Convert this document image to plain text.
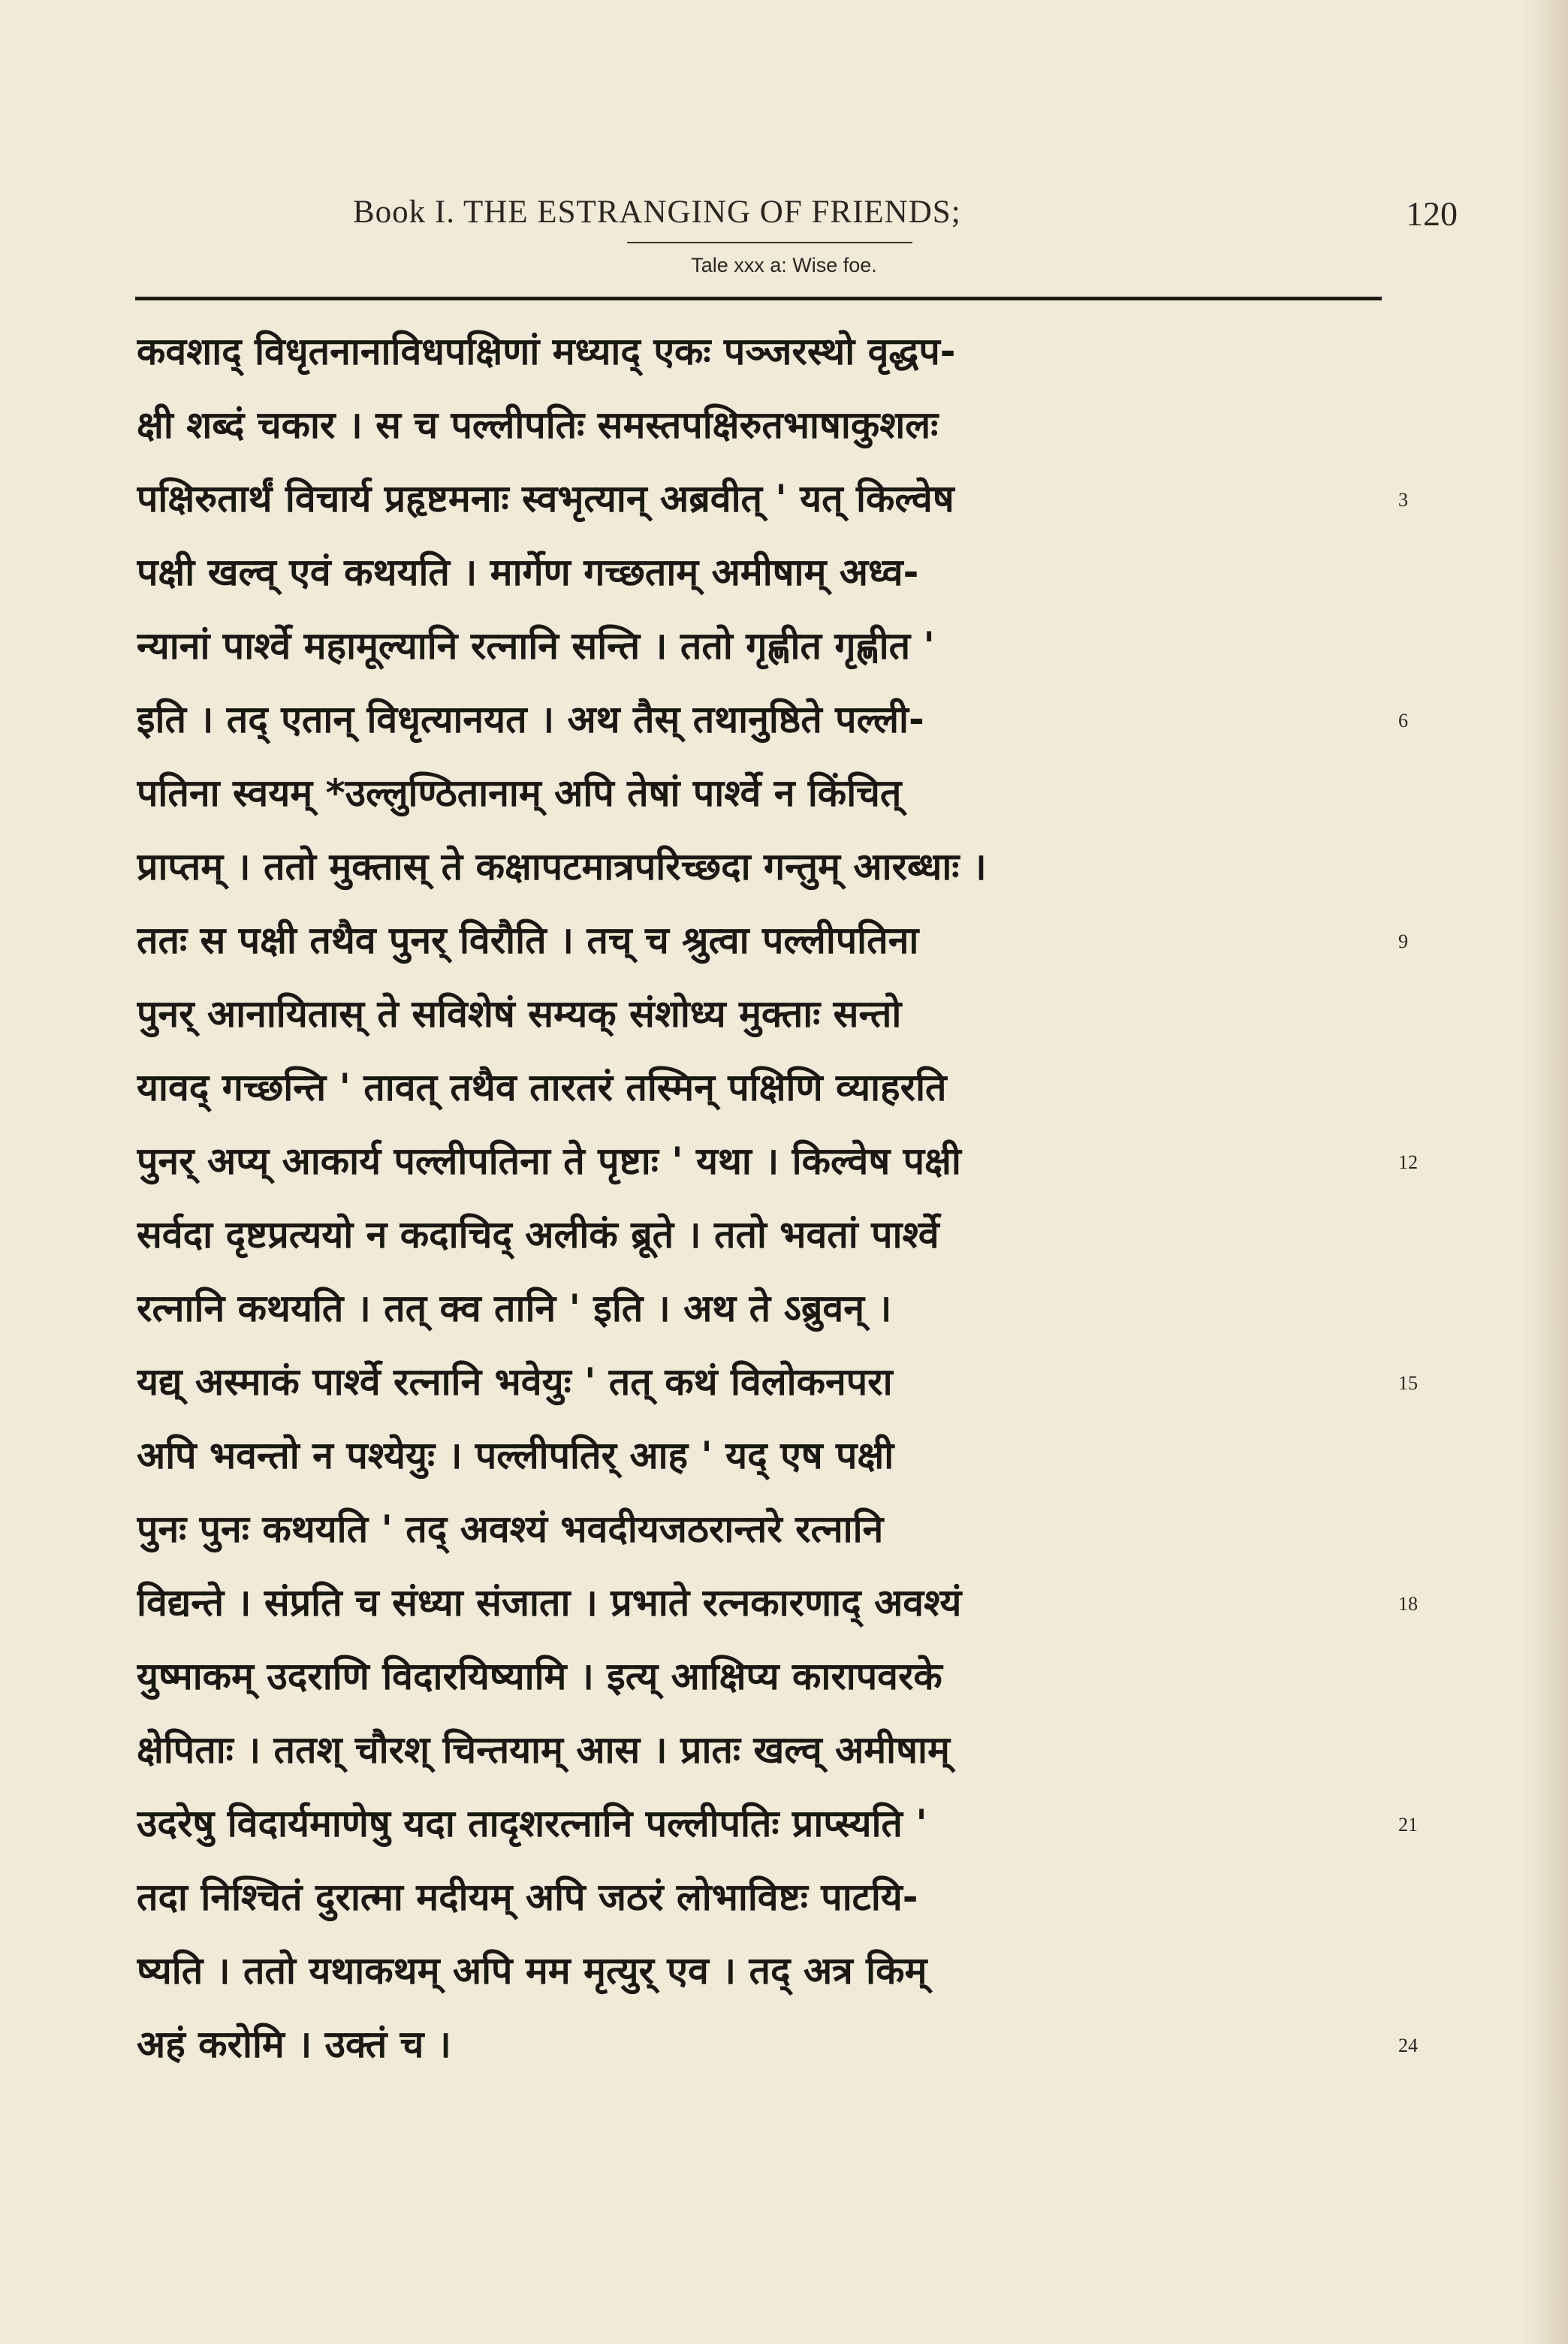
Book I. THE ESTRANGING OF FRIENDS;	120
Tale xxx a: Wise foe.
कवशाद् विधृतनानाविधपक्षिणां मध्याद् एकः पञ्जरस्थो वृद्धप-
क्षी शब्दं चकार । स च पल्लीपतिः समस्तपक्षिरुतभाषाकुशलः
पक्षिरुतार्थं विचार्य प्रहृष्टमनाः स्वभृत्यान् अब्रवीत् ' यत् किल्वेष	3
पक्षी खल्व् एवं कथयति । मार्गेण गच्छताम् अमीषाम् अध्व-
न्यानां पार्श्वे महामूल्यानि रत्नानि सन्ति । ततो गृह्णीत गृह्णीत '
इति । तद् एतान् विधृत्यानयत । अथ तैस् तथानुष्ठिते पल्ली-	6
पतिना स्वयम् *उल्लुण्ठितानाम् अपि तेषां पार्श्वे न किंचित्
प्राप्तम् । ततो मुक्तास् ते कक्षापटमात्रपरिच्छदा गन्तुम् आरब्धाः ।
ततः स पक्षी तथैव पुनर् विरौति । तच् च श्रुत्वा पल्लीपतिना	9
पुनर् आनायितास् ते सविशेषं सम्यक् संशोध्य मुक्ताः सन्तो
यावद् गच्छन्ति ' तावत् तथैव तारतरं तस्मिन् पक्षिणि व्याहरति
पुनर् अप्य् आकार्य पल्लीपतिना ते पृष्टाः ' यथा । किल्वेष पक्षी	12
सर्वदा दृष्टप्रत्ययो न कदाचिद् अलीकं ब्रूते । ततो भवतां पार्श्वे
रत्नानि कथयति । तत् क्व तानि ' इति । अथ ते ऽब्रुवन् ।
यद्य् अस्माकं पार्श्वे रत्नानि भवेयुः ' तत् कथं विलोकनपरा	15
अपि भवन्तो न पश्येयुः । पल्लीपतिर् आह ' यद् एष पक्षी
पुनः पुनः कथयति ' तद् अवश्यं भवदीयजठरान्तरे रत्नानि
विद्यन्ते । संप्रति च संध्या संजाता । प्रभाते रत्नकारणाद् अवश्यं	18
युष्माकम् उदराणि विदारयिष्यामि । इत्य् आक्षिप्य कारापवरके
क्षेपिताः । ततश् चौरश् चिन्तयाम् आस । प्रातः खल्व् अमीषाम्
उदरेषु विदार्यमाणेषु यदा तादृशरत्नानि पल्लीपतिः प्राप्स्यति '	21
तदा निश्चितं दुरात्मा मदीयम् अपि जठरं लोभाविष्टः पाटयि-
ष्यति । ततो यथाकथम् अपि मम मृत्युर् एव । तद् अत्र किम्
अहं करोमि । उक्तं च ।	24
